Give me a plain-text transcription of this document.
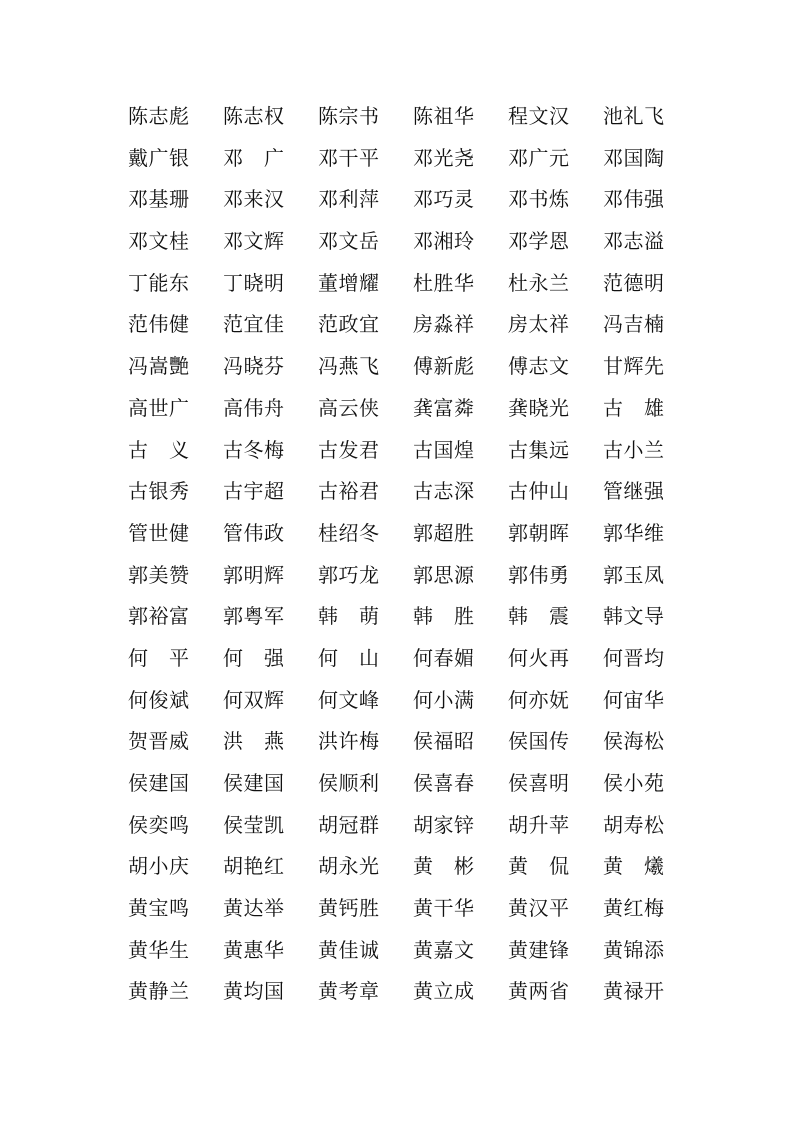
陈志彪	陈志权	陈宗书	陈祖华	程文汉	池礼飞
戴广银	邓　广	邓干平	邓光尧	邓广元	邓国陶
邓基珊	邓来汉	邓利萍	邓巧灵	邓书炼	邓伟强
邓文桂	邓文辉	邓文岳	邓湘玲	邓学恩	邓志溢
丁能东	丁晓明	董增耀	杜胜华	杜永兰	范德明
范伟健	范宜佳	范政宜	房淼祥	房太祥	冯吉楠
冯嵩艷	冯晓芬	冯燕飞	傅新彪	傅志文	甘辉先
高世广	高伟舟	高云侠	龚富粦	龚晓光	古　雄
古　义	古冬梅	古发君	古国煌	古集远	古小兰
古银秀	古宇超	古裕君	古志深	古仲山	管继强
管世健	管伟政	桂绍冬	郭超胜	郭朝晖	郭华维
郭美赞	郭明辉	郭巧龙	郭思源	郭伟勇	郭玉凤
郭裕富	郭粤军	韩　萌	韩　胜	韩　震	韩文导
何　平	何　强	何　山	何春媚	何火再	何晋均
何俊斌	何双辉	何文峰	何小满	何亦妩	何宙华
贺晋威	洪　燕	洪许梅	侯福昭	侯国传	侯海松
侯建国	侯建国	侯顺利	侯喜春	侯喜明	侯小苑
侯奕鸣	侯莹凯	胡冠群	胡家锌	胡升苹	胡寿松
胡小庆	胡艳红	胡永光	黄　彬	黄　侃	黄　爔
黄宝鸣	黄达举	黄钙胜	黄干华	黄汉平	黄红梅
黄华生	黄惠华	黄佳诚	黄嘉文	黄建锋	黄锦添
黄静兰	黄均国	黄考章	黄立成	黄两省	黄禄开
